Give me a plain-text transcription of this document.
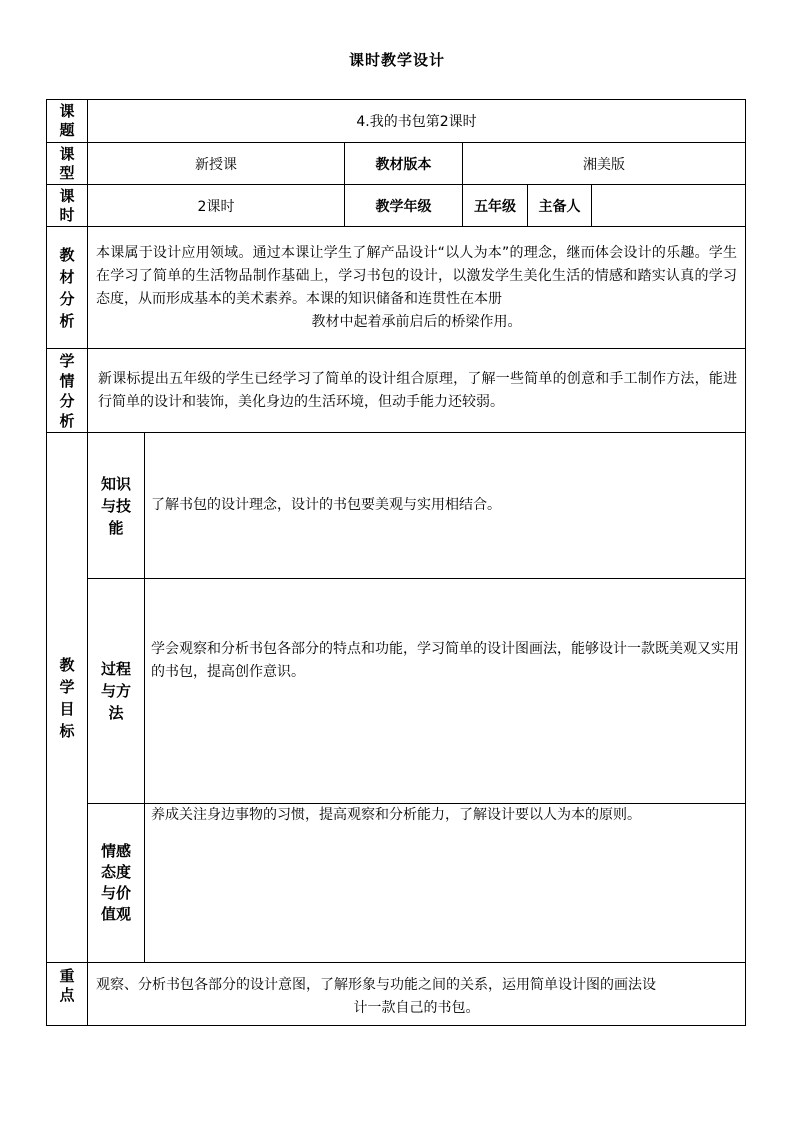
课时教学设计
课
题	4.我的书包第2课时					

课
型	新授课		教材版本	湘美版		

课
时	2课时		教学年级	五年级	主备人	

教
材
分
析	本课属于设计应用领域。通过本课让学生了解产品设计“以人为本”的理念，继而体会设计的乐趣。学生在学习了简单的生活物品制作基础上，学习书包的设计，以激发学生美化生活的情感和踏实认真的学习态度，从而形成基本的美术素养。本课的知识储备和连贯性在本册
教材中起着承前启后的桥梁作用。					

学
情
分
析	新课标提出五年级的学生已经学习了简单的设计组合原理，了解一些简单的创意和手工制作方法，能进行简单的设计和装饰，美化身边的生活环境，但动手能力还较弱。					

教
学
目
标	知识
与技
能	了解书包的设计理念，设计的书包要美观与实用相结合。				

	过程
与方
法	学会观察和分析书包各部分的特点和功能，学习简单的设计图画法，能够设计一款既美观又实用的书包，提高创作意识。				

	情感
态度
与价
值观	养成关注身边事物的习惯，提高观察和分析能力，了解设计要以人为本的原则。				

重
点	观察、分析书包各部分的设计意图，了解形象与功能之间的关系，运用简单设计图的画法设
计一款自己的书包。					
